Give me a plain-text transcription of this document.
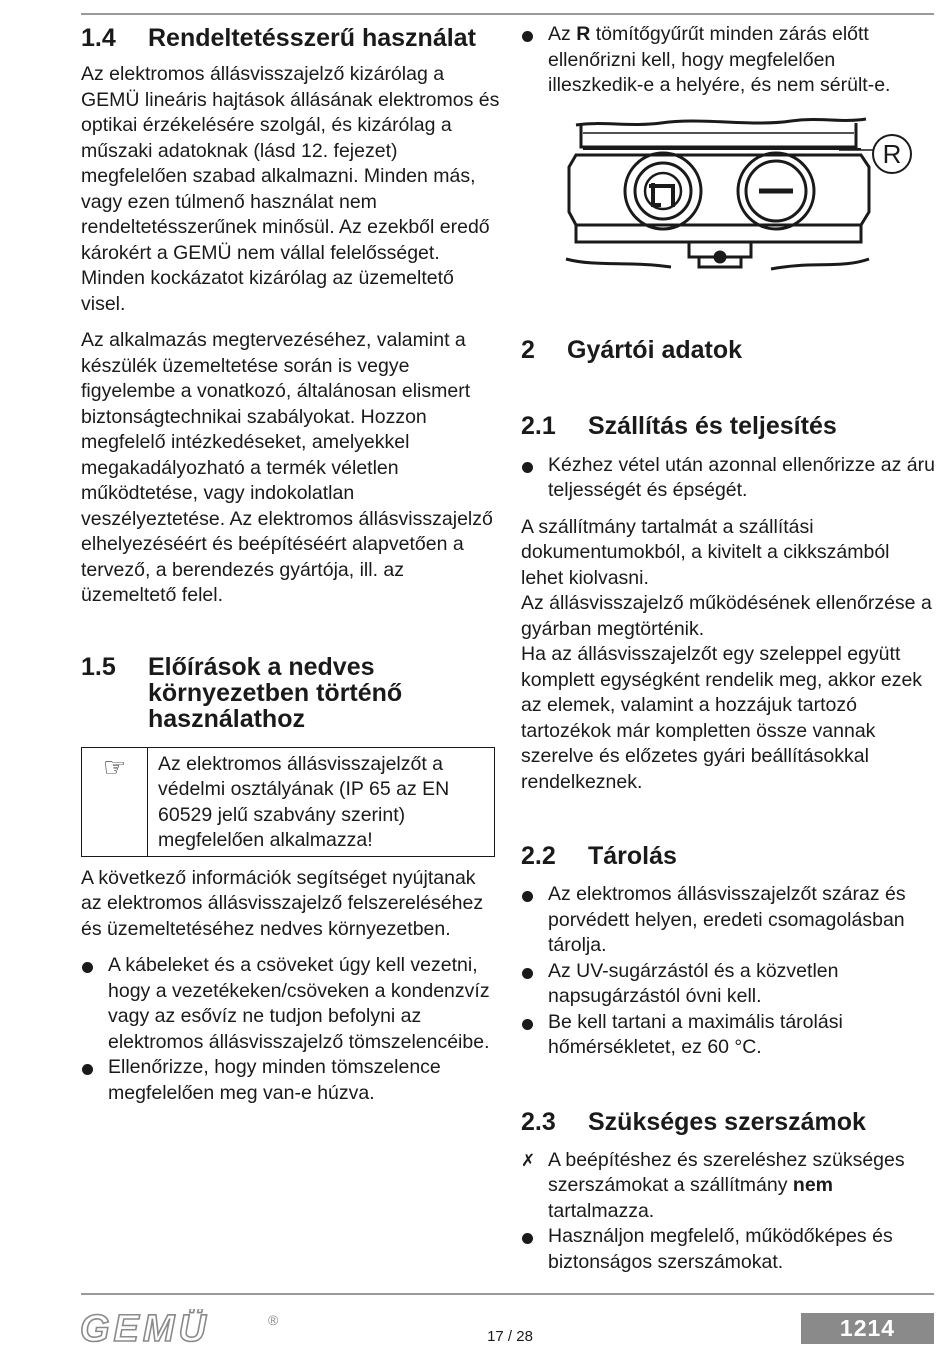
1.4	Rendeltetésszerű használat

Az elektromos állásvisszajelző kizárólag a GEMÜ lineáris hajtások állásának elektromos és optikai érzékelésére szolgál, és kizárólag a műszaki adatoknak (lásd 12. fejezet) megfelelően szabad alkalmazni. Minden más, vagy ezen túlmenő használat nem rendeltetésszerűnek minősül. Az ezekből eredő károkért a GEMÜ nem vállal felelősséget. Minden kockázatot kizárólag az üzemeltető visel.

Az alkalmazás megtervezéséhez, valamint a készülék üzemeltetése során is vegye figyelembe a vonatkozó, általánosan elismert biztonságtechnikai szabályokat. Hozzon megfelelő intézkedéseket, amelyekkel megakadályozható a termék véletlen működtetése, vagy indokolatlan veszélyeztetése. Az elektromos állásvisszajelző elhelyezéséért és beépítéséért alapvetően a tervező, a berendezés gyártója, ill. az üzemeltető felel.

1.5	Előírások a nedves környezetben történő használathoz
☞	Az elektromos állásvisszajelzőt a védelmi osztályának (IP 65 az EN 60529 jelű szabvány szerint) megfelelően alkalmazza!

A következő információk segítséget nyújtanak az elektromos állásvisszajelző felszereléséhez és üzemeltetéséhez nedves környezetben.

A kábeleket és a csöveket úgy kell vezetni, hogy a vezetékeken/csöveken a kondenzvíz vagy az esővíz ne tudjon befolyni az elektromos állásvisszajelző tömszelencéibe.
Ellenőrizze, hogy minden tömszelence megfelelően meg van-e húzva.
Az R tömítőgyűrűt minden zárás előtt ellenőrizni kell, hogy megfelelően illeszkedik-e a helyére, és nem sérült-e.
R
2	Gyártói adatok
2.1	Szállítás és teljesítés
Kézhez vétel után azonnal ellenőrizze az áru teljességét és épségét.

A szállítmány tartalmát a szállítási dokumentumokból, a kivitelt a cikkszámból lehet kiolvasni.

Az állásvisszajelző működésének ellenőrzése a gyárban megtörténik.

Ha az állásvisszajelzőt egy szeleppel együtt komplett egységként rendelik meg, akkor ezek az elemek, valamint a hozzájuk tartozó tartozékok már kompletten össze vannak szerelve és előzetes gyári beállításokkal rendelkeznek.

2.2	Tárolás
Az elektromos állásvisszajelzőt száraz és porvédett helyen, eredeti csomagolásban tárolja.
Az UV-sugárzástól és a közvetlen napsugárzástól óvni kell.
Be kell tartani a maximális tárolási hőmérsékletet, ez 60 °C.
2.3	Szükséges szerszámok
✗ A beépítéshez és szereléshez szükséges szerszámokat a szállítmány nem tartalmazza.
Használjon megfelelő, működőképes és biztonságos szerszámokat.
GEMÜ	®
17 / 28	1214
